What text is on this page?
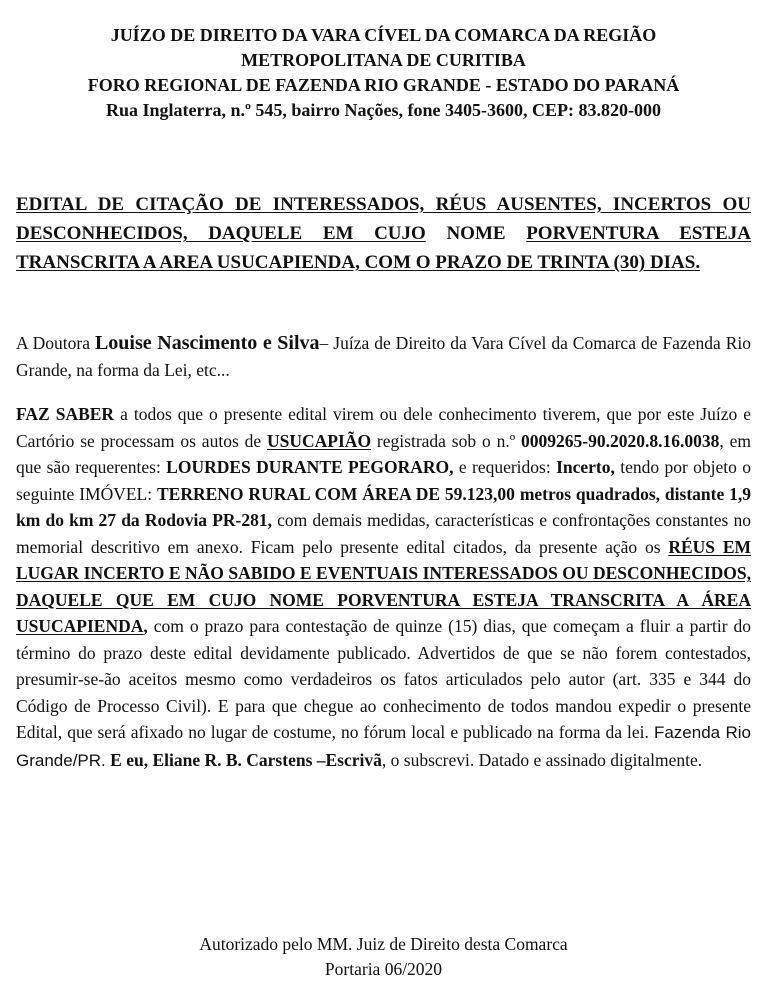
JUÍZO DE DIREITO DA VARA CÍVEL DA COMARCA DA REGIÃO
METROPOLITANA DE CURITIBA
FORO REGIONAL DE FAZENDA RIO GRANDE - ESTADO DO PARANÁ
Rua Inglaterra, n.º 545, bairro Nações, fone 3405-3600, CEP: 83.820-000
EDITAL DE CITAÇÃO DE INTERESSADOS, RÉUS AUSENTES, INCERTOS OU DESCONHECIDOS, DAQUELE EM CUJO NOME PORVENTURA ESTEJA TRANSCRITA A AREA USUCAPIENDA, COM O PRAZO DE TRINTA (30) DIAS.
A Doutora Louise Nascimento e Silva– Juíza de Direito da Vara Cível da Comarca de Fazenda Rio Grande, na forma da Lei, etc...
FAZ SABER a todos que o presente edital virem ou dele conhecimento tiverem, que por este Juízo e Cartório se processam os autos de USUCAPIÃO registrada sob o n.º 0009265-90.2020.8.16.0038, em que são requerentes: LOURDES DURANTE PEGORARO, e requeridos: Incerto, tendo por objeto o seguinte IMÓVEL: TERRENO RURAL COM ÁREA DE 59.123,00 metros quadrados, distante 1,9 km do km 27 da Rodovia PR-281, com demais medidas, características e confrontações constantes no memorial descritivo em anexo. Ficam pelo presente edital citados, da presente ação os RÉUS EM LUGAR INCERTO E NÃO SABIDO E EVENTUAIS INTERESSADOS OU DESCONHECIDOS, DAQUELE QUE EM CUJO NOME PORVENTURA ESTEJA TRANSCRITA A ÁREA USUCAPIENDA, com o prazo para contestação de quinze (15) dias, que começam a fluir a partir do término do prazo deste edital devidamente publicado. Advertidos de que se não forem contestados, presumir-se-ão aceitos mesmo como verdadeiros os fatos articulados pelo autor (art. 335 e 344 do Código de Processo Civil). E para que chegue ao conhecimento de todos mandou expedir o presente Edital, que será afixado no lugar de costume, no fórum local e publicado na forma da lei. Fazenda Rio Grande/PR. E eu, Eliane R. B. Carstens –Escrivã, o subscrevi. Datado e assinado digitalmente.
Autorizado pelo MM. Juiz de Direito desta Comarca
Portaria 06/2020
